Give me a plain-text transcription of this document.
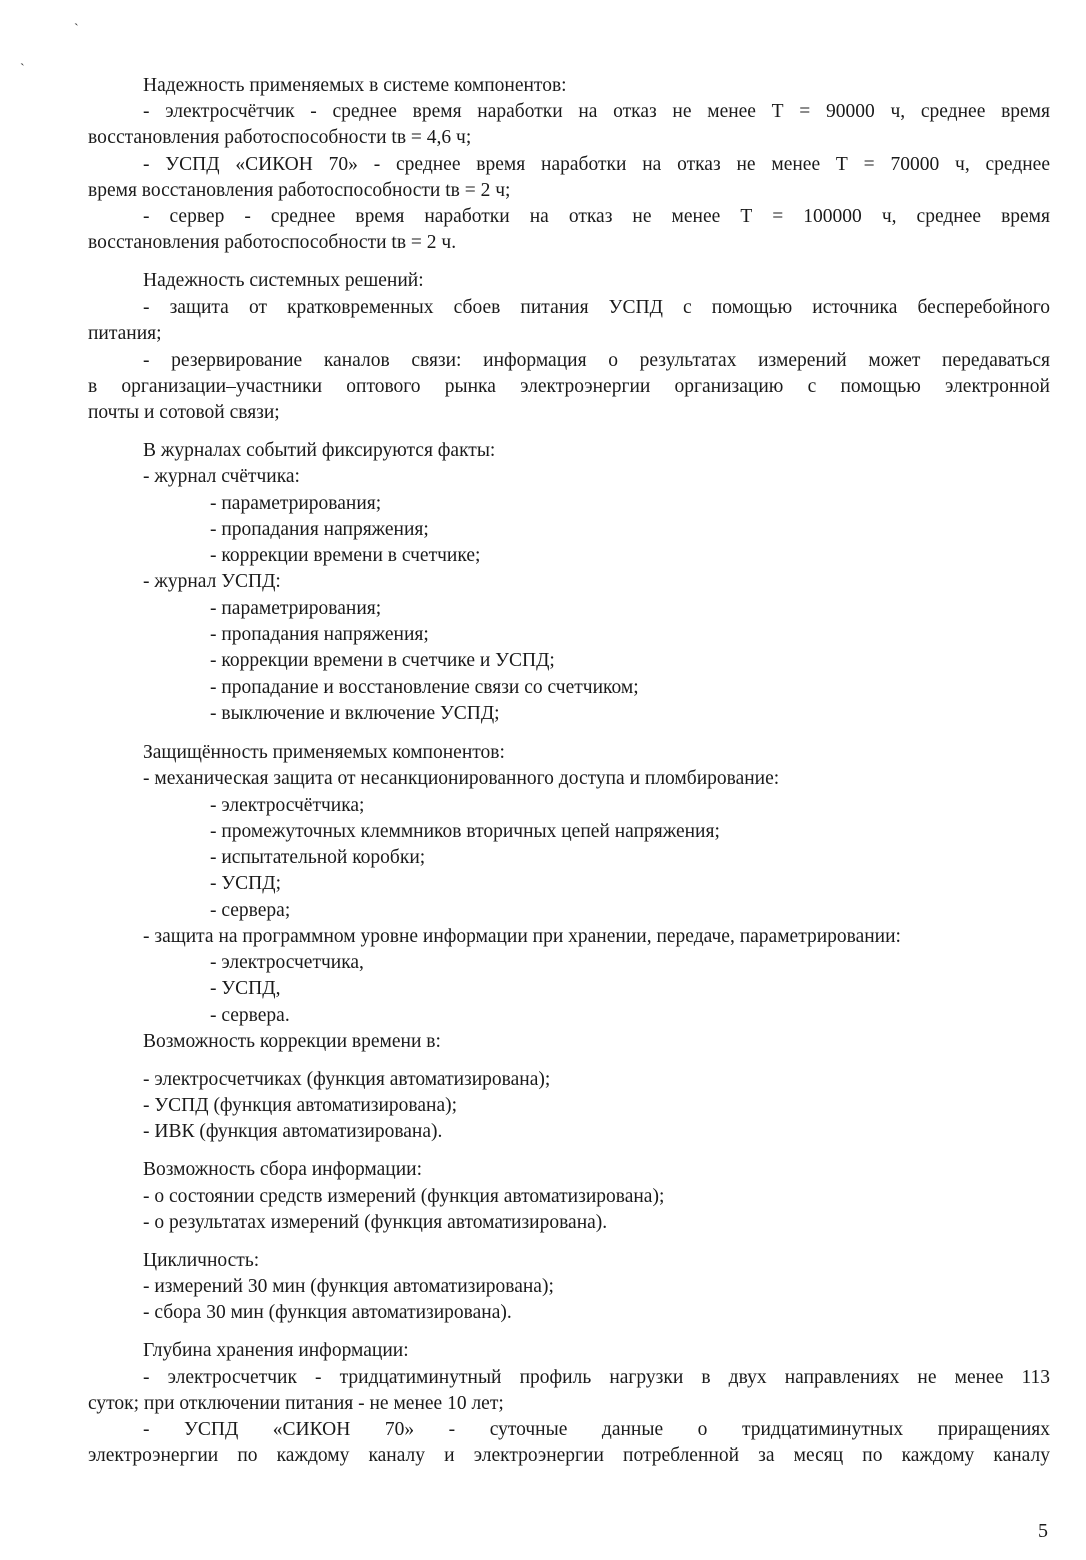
`
`
Надежность применяемых в системе компонентов:
- электросчётчик - среднее время наработки на отказ не менее Т = 90000 ч, среднее время
восстановления работоспособности tв = 4,6 ч;
- УСПД «СИКОН 70» - среднее время наработки на отказ не менее Т = 70000 ч, среднее
время восстановления работоспособности tв = 2 ч;
- сервер - среднее время наработки на отказ не менее Т = 100000 ч, среднее время
восстановления работоспособности tв = 2 ч.
Надежность системных решений:
- защита от кратковременных сбоев питания УСПД с помощью источника бесперебойного
питания;
- резервирование каналов связи: информация о результатах измерений может передаваться
в организации–участники оптового рынка электроэнергии организацию с помощью электронной
почты и сотовой связи;
В журналах событий фиксируются факты:
- журнал счётчика:
- параметрирования;
- пропадания напряжения;
- коррекции времени в счетчике;
- журнал УСПД:
- параметрирования;
- пропадания напряжения;
- коррекции времени в счетчике и УСПД;
- пропадание и восстановление связи со счетчиком;
- выключение и включение УСПД;
Защищённость применяемых компонентов:
- механическая защита от несанкционированного доступа и пломбирование:
- электросчётчика;
- промежуточных клеммников вторичных цепей напряжения;
- испытательной коробки;
- УСПД;
- сервера;
- защита на программном уровне информации при хранении, передаче, параметрировании:
- электросчетчика,
- УСПД,
- сервера.
Возможность коррекции времени в:
- электросчетчиках (функция автоматизирована);
- УСПД (функция автоматизирована);
- ИВК (функция автоматизирована).
Возможность сбора информации:
- о состоянии средств измерений (функция автоматизирована);
- о результатах измерений (функция автоматизирована).
Цикличность:
- измерений 30 мин (функция автоматизирована);
- сбора 30 мин (функция автоматизирована).
Глубина хранения информации:
- электросчетчик - тридцатиминутный профиль нагрузки в двух направлениях не менее 113
суток; при отключении питания - не менее 10 лет;
- УСПД «СИКОН 70» - суточные данные о тридцатиминутных приращениях
электроэнергии по каждому каналу и электроэнергии потребленной за месяц по каждому каналу
5
